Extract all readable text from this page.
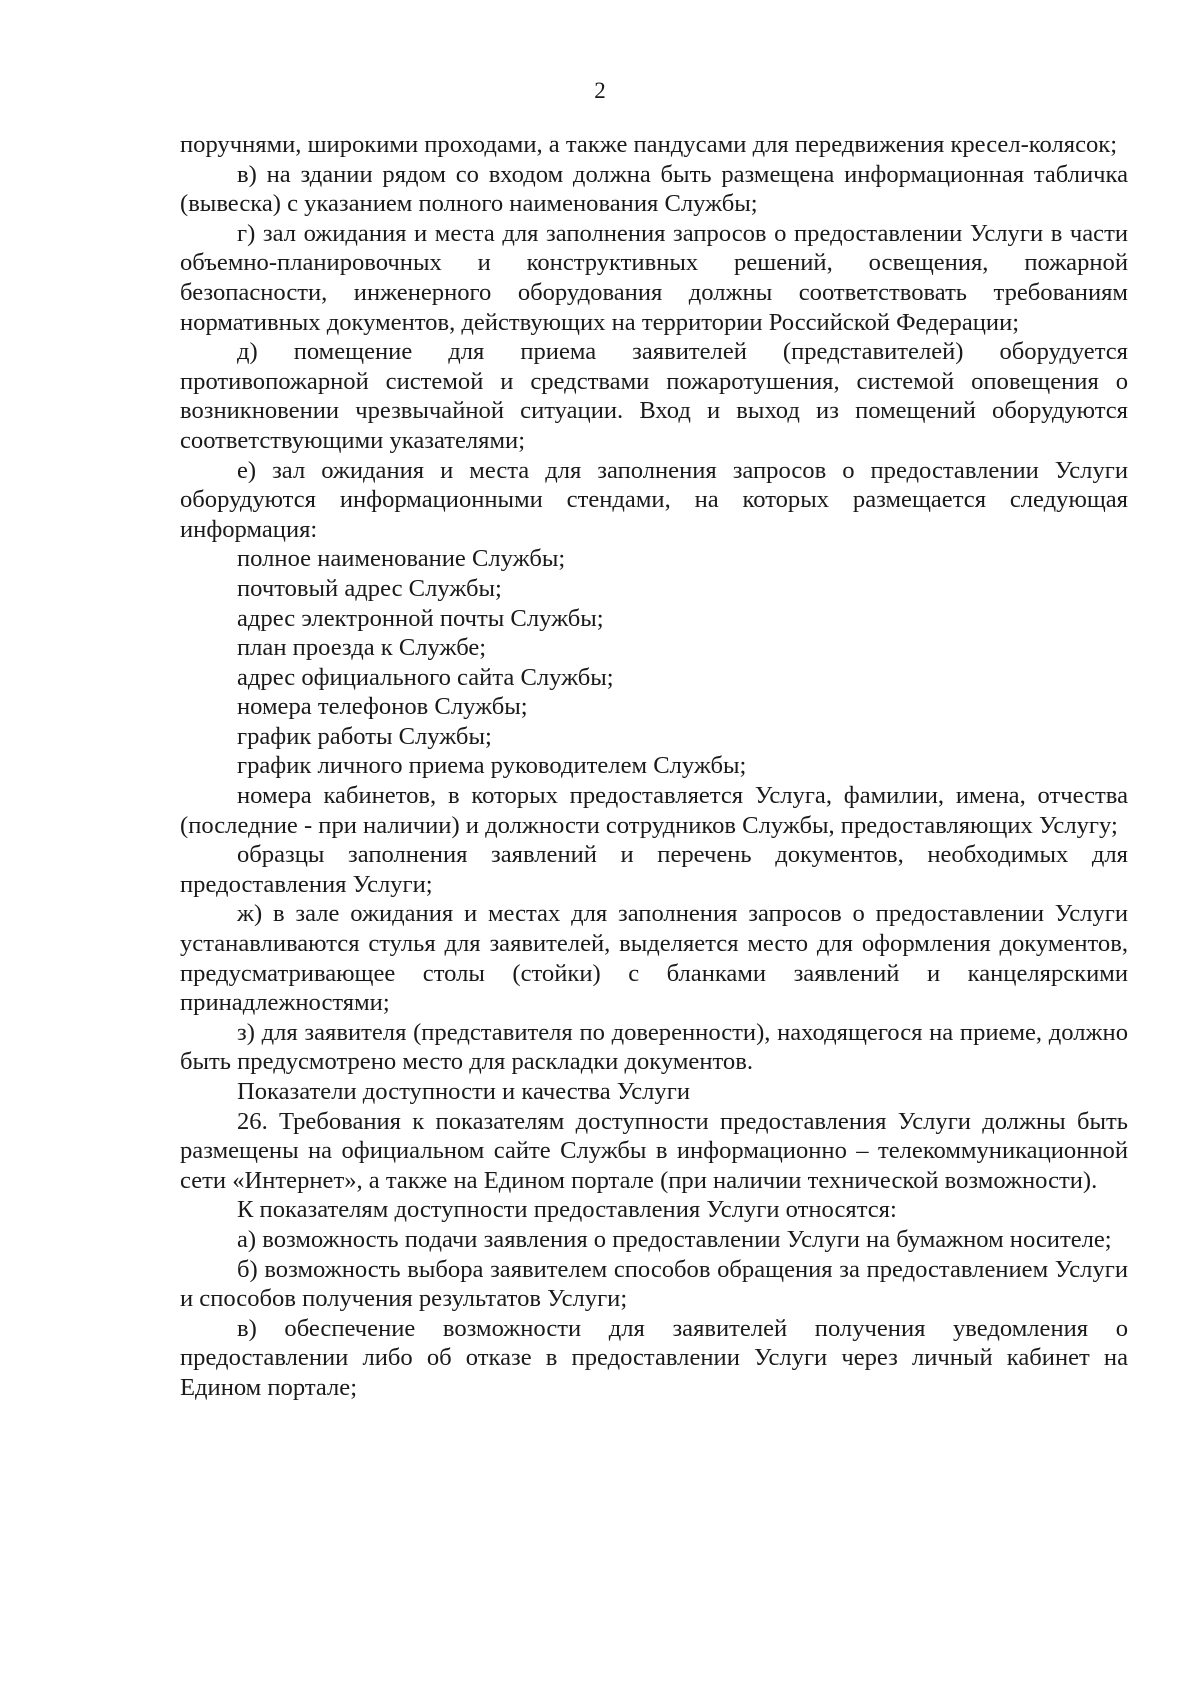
2

поручнями, широкими проходами, а также пандусами для передвижения кресел-колясок;

в) на здании рядом со входом должна быть размещена информационная табличка (вывеска) с указанием полного наименования Службы;

г) зал ожидания и места для заполнения запросов о предоставлении Услуги в части объемно-планировочных и конструктивных решений, освещения, пожарной безопасности, инженерного оборудования должны соответствовать требованиям нормативных документов, действующих на территории Российской Федерации;

д) помещение для приема заявителей (представителей) оборудуется противопожарной системой и средствами пожаротушения, системой оповещения о возникновении чрезвычайной ситуации. Вход и выход из помещений оборудуются соответствующими указателями;

е) зал ожидания и места для заполнения запросов о предоставлении Услуги оборудуются информационными стендами, на которых размещается следующая информация:

полное наименование Службы;

почтовый адрес Службы;

адрес электронной почты Службы;

план проезда к Службе;

адрес официального сайта Службы;

номера телефонов Службы;

график работы Службы;

график личного приема руководителем Службы;

номера кабинетов, в которых предоставляется Услуга, фамилии, имена, отчества (последние - при наличии) и должности сотрудников Службы, предоставляющих Услугу;

образцы заполнения заявлений и перечень документов, необходимых для предоставления Услуги;

ж) в зале ожидания и местах для заполнения запросов о предоставлении Услуги устанавливаются стулья для заявителей, выделяется место для оформления документов, предусматривающее столы (стойки) с бланками заявлений и канцелярскими принадлежностями;

з) для заявителя (представителя по доверенности), находящегося на приеме, должно быть предусмотрено место для раскладки документов.

Показатели доступности и качества Услуги

26. Требования к показателям доступности предоставления Услуги должны быть размещены на официальном сайте Службы в информационно – телекоммуникационной сети «Интернет», а также на Едином портале (при наличии технической возможности).

К показателям доступности предоставления Услуги относятся:

а) возможность подачи заявления о предоставлении Услуги на бумажном носителе;

б) возможность выбора заявителем способов обращения за предоставлением Услуги и способов получения результатов Услуги;

в) обеспечение возможности для заявителей получения уведомления о предоставлении либо об отказе в предоставлении Услуги через личный кабинет на Едином портале;
